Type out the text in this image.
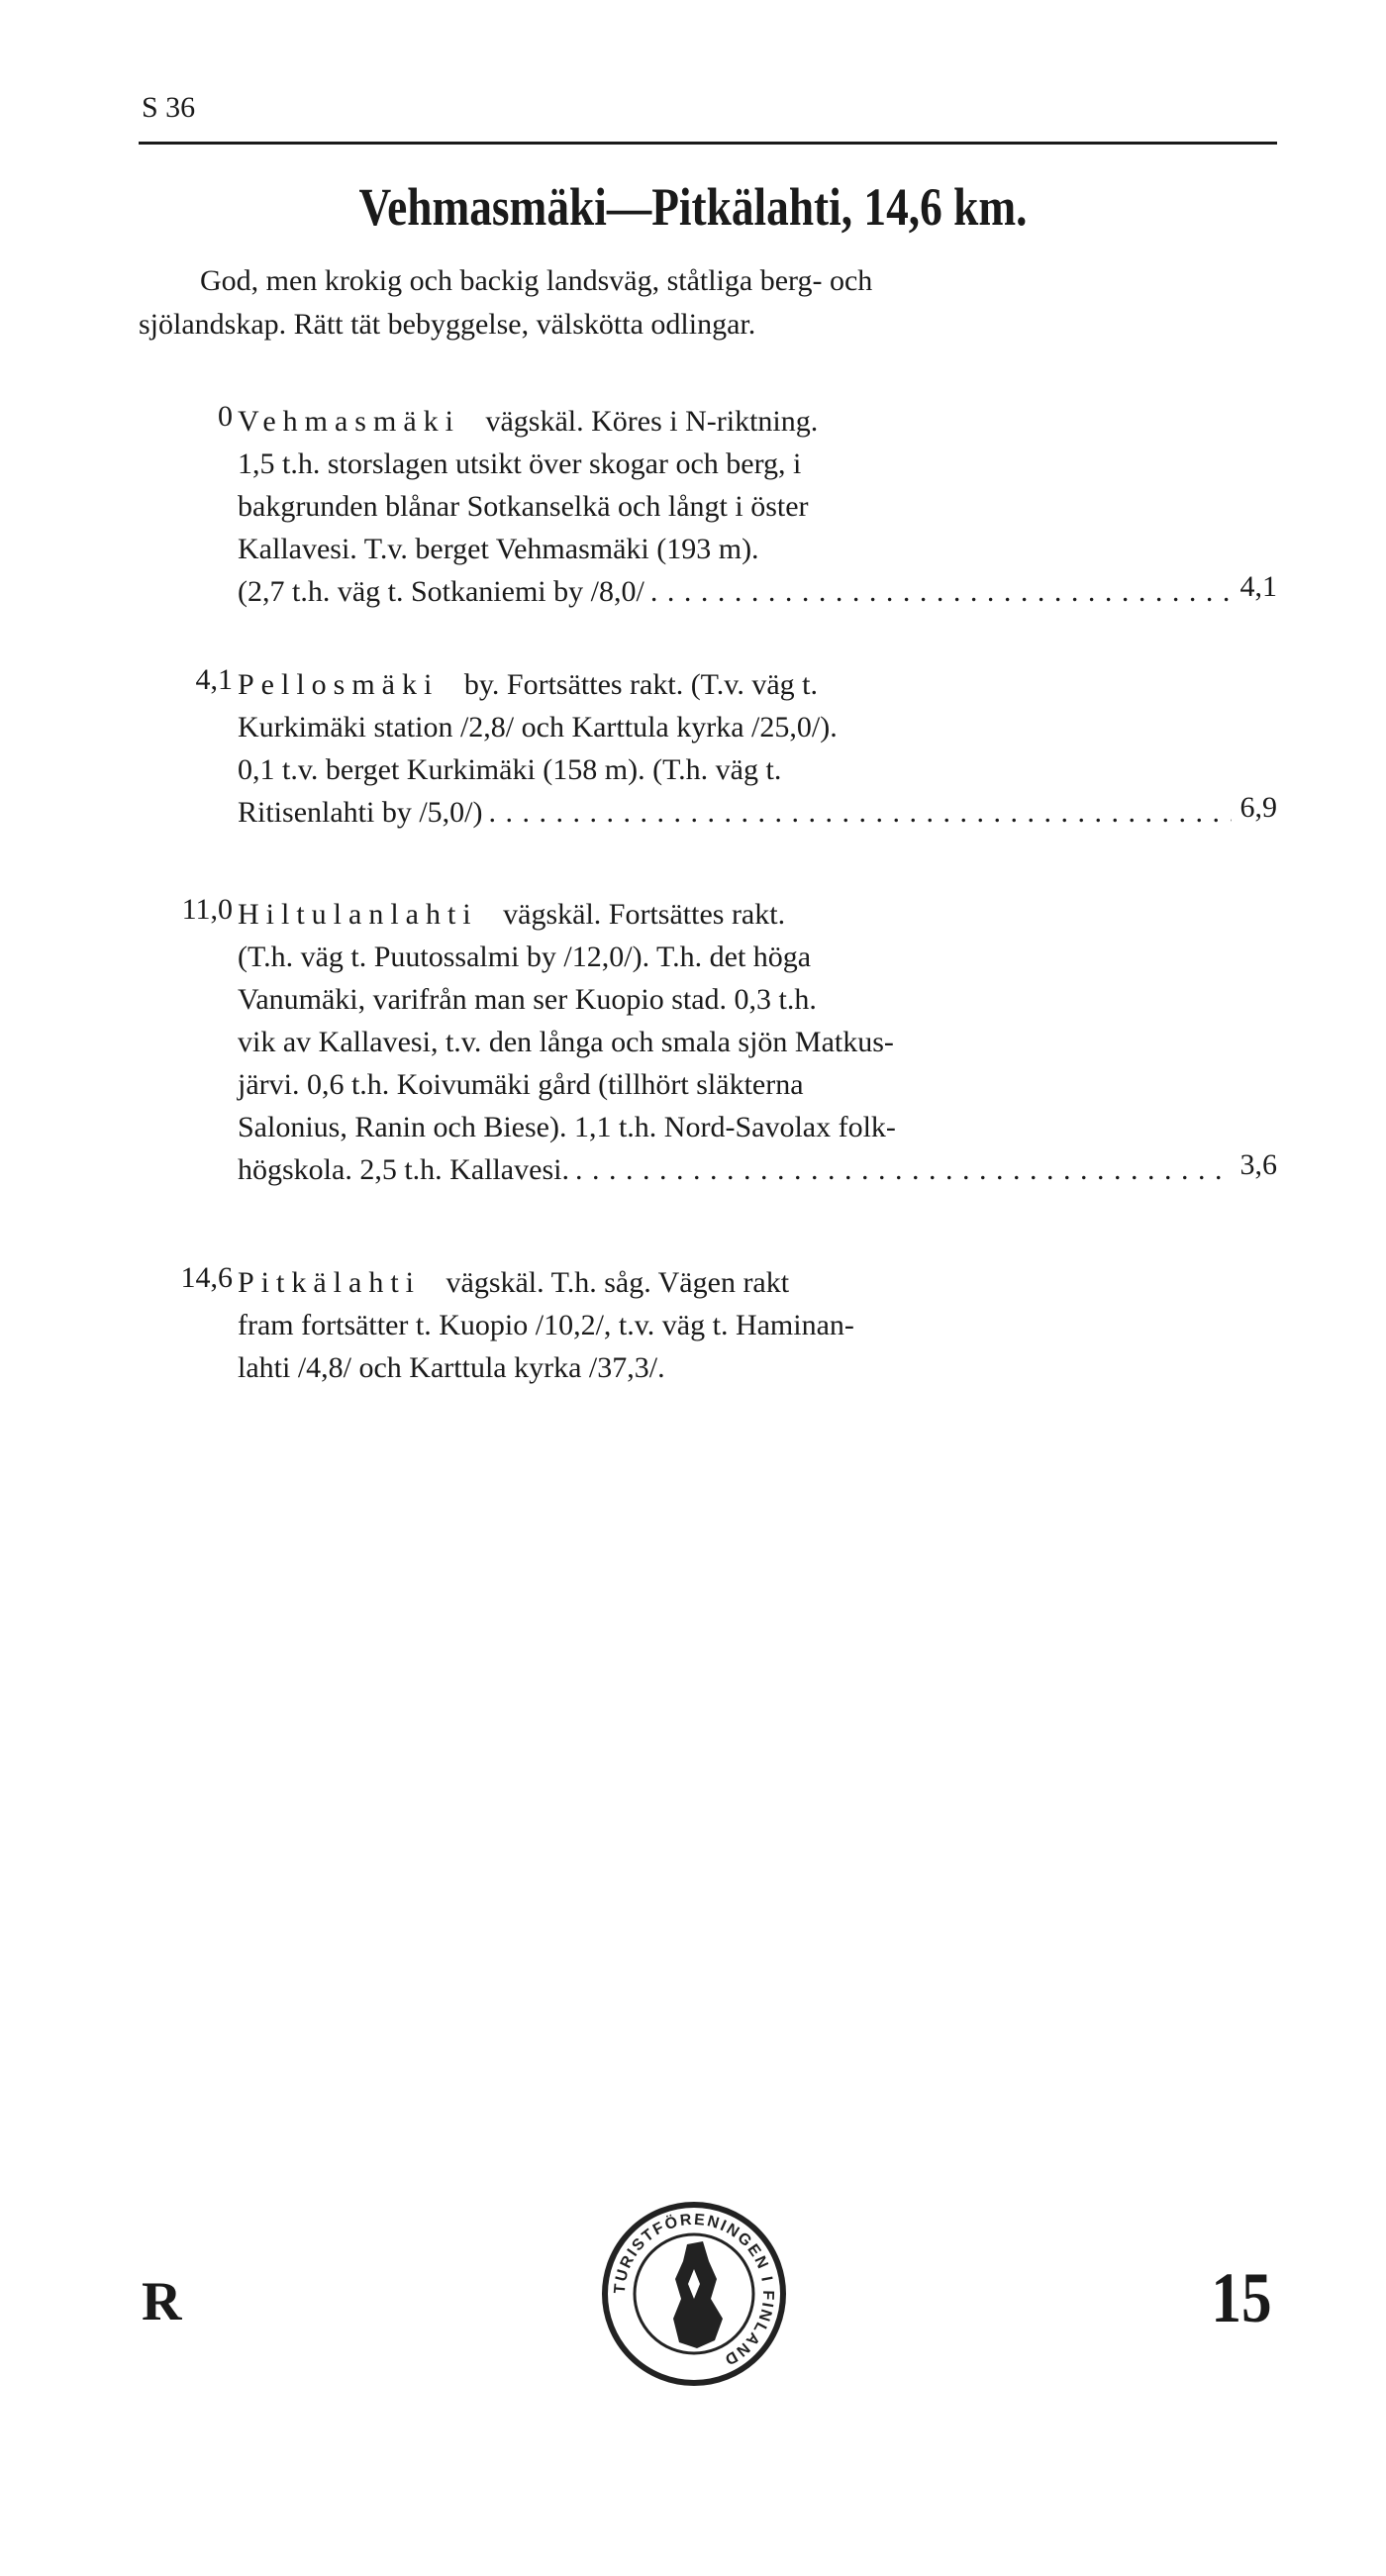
S 36
Vehmasmäki—Pitkälahti, 14,6 km.
God, men krokig och backig landsväg, ståtliga berg- och
sjölandskap. Rätt tät bebyggelse, välskötta odlingar.
0 Vehmasmäki vägskäl. Köres i N-riktning.
1,5 t.h. storslagen utsikt över skogar och berg, i
bakgrunden blånar Sotkanselkä och långt i öster
Kallavesi. T.v. berget Vehmasmäki (193 m).
(2,7 t.h. väg t. Sotkaniemi by /8,0/ . . .	4,1
4,1 Pellosmäki by. Fortsättes rakt. (T.v. väg t.
Kurkimäki station /2,8/ och Karttula kyrka /25,0/).
0,1 t.v. berget Kurkimäki (158 m). (T.h. väg t.
Ritisenlahti by /5,0/) . . .	6,9
11,0 Hiltulanlahti vägskäl. Fortsättes rakt.
(T.h. väg t. Puutossalmi by /12,0/). T.h. det höga
Vanumäki, varifrån man ser Kuopio stad. 0,3 t.h.
vik av Kallavesi, t.v. den långa och smala sjön Matkus-
järvi. 0,6 t.h. Koivumäki gård (tillhört släkterna
Salonius, Ranin och Biese). 1,1 t.h. Nord-Savolax folk-
högskola. 2,5 t.h. Kallavesi. . . .	3,6
14,6 Pitkälahti vägskäl. T.h. såg. Vägen rakt
fram fortsätter t. Kuopio /10,2/, t.v. väg t. Haminan-
lahti /4,8/ och Karttula kyrka /37,3/.
R	TURISTFÖRENINGEN I FINLAND
15
